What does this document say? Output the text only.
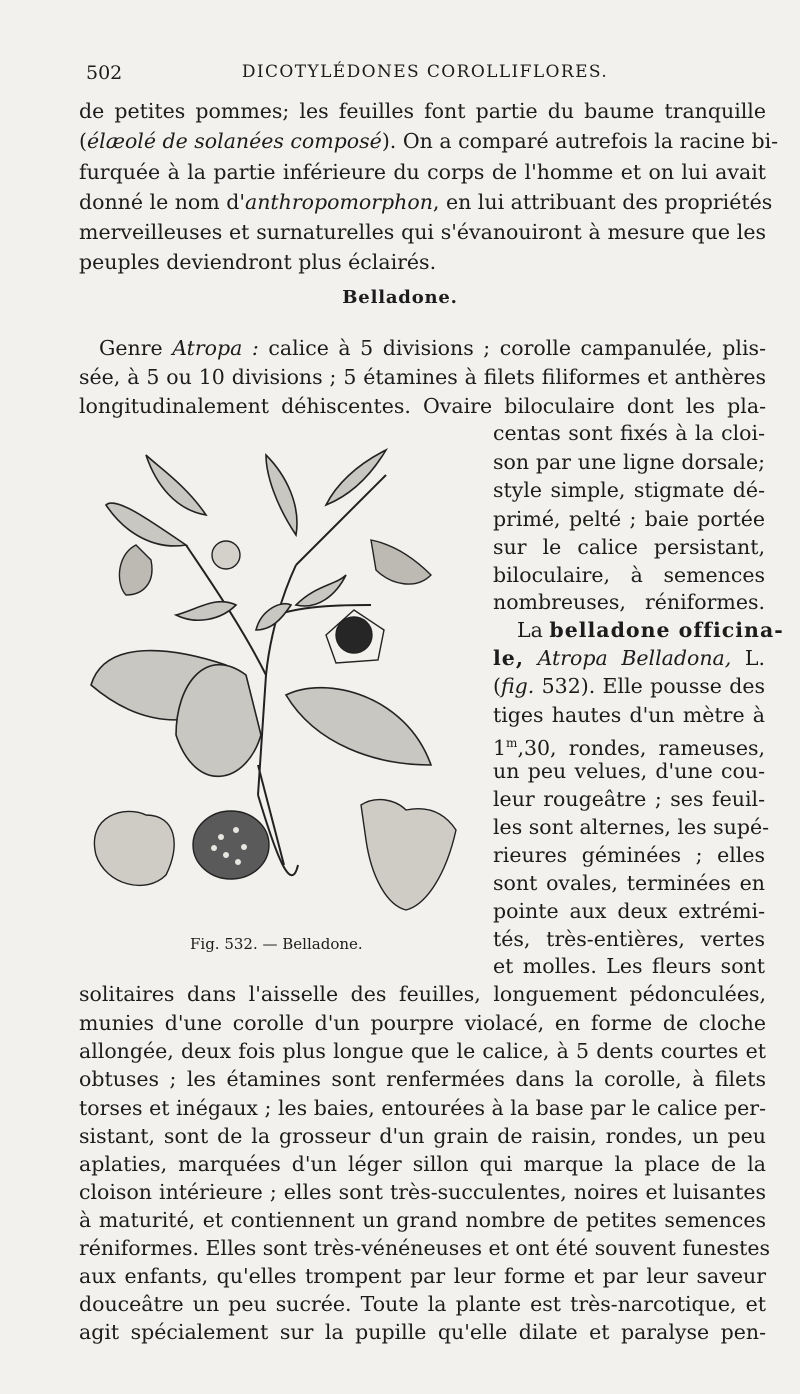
502	DICOTYLÉDONES COROLLIFLORES.
de petites pommes; les feuilles font partie du baume tranquille
(élæolé de solanées composé). On a comparé autrefois la racine bi-
furquée à la partie inférieure du corps de l'homme et on lui avait
donné le nom d'anthropomorphon, en lui attribuant des propriétés
merveilleuses et surnaturelles qui s'évanouiront à mesure que les
peuples deviendront plus éclairés.
Belladone.
Genre Atropa : calice à 5 divisions ; corolle campanulée, plis-
sée, à 5 ou 10 divisions ; 5 étamines à filets filiformes et anthères
longitudinalement déhiscentes. Ovaire biloculaire dont les pla-
centas sont fixés à la cloi-
son par une ligne dorsale;
style simple, stigmate dé-
primé, pelté ; baie portée
sur le calice persistant,
biloculaire, à semences
nombreuses, réniformes.
La belladone officina-
le, Atropa Belladona, L.
(fig. 532). Elle pousse des
tiges hautes d'un mètre à
1$^m$,30, rondes, rameuses,
un peu velues, d'une cou-
leur rougeâtre ; ses feuil-
les sont alternes, les supé-
rieures géminées ; elles
sont ovales, terminées en
pointe aux deux extrémi-
tés, très-entières, vertes
et molles. Les fleurs sont
Fig. 532. — Belladone.
solitaires dans l'aisselle des feuilles, longuement pédonculées,
munies d'une corolle d'un pourpre violacé, en forme de cloche
allongée, deux fois plus longue que le calice, à 5 dents courtes et
obtuses ; les étamines sont renfermées dans la corolle, à filets
torses et inégaux ; les baies, entourées à la base par le calice per-
sistant, sont de la grosseur d'un grain de raisin, rondes, un peu
aplaties, marquées d'un léger sillon qui marque la place de la
cloison intérieure ; elles sont très-succulentes, noires et luisantes
à maturité, et contiennent un grand nombre de petites semences
réniformes. Elles sont très-vénéneuses et ont été souvent funestes
aux enfants, qu'elles trompent par leur forme et par leur saveur
douceâtre un peu sucrée. Toute la plante est très-narcotique, et
agit spécialement sur la pupille qu'elle dilate et paralyse pen-
